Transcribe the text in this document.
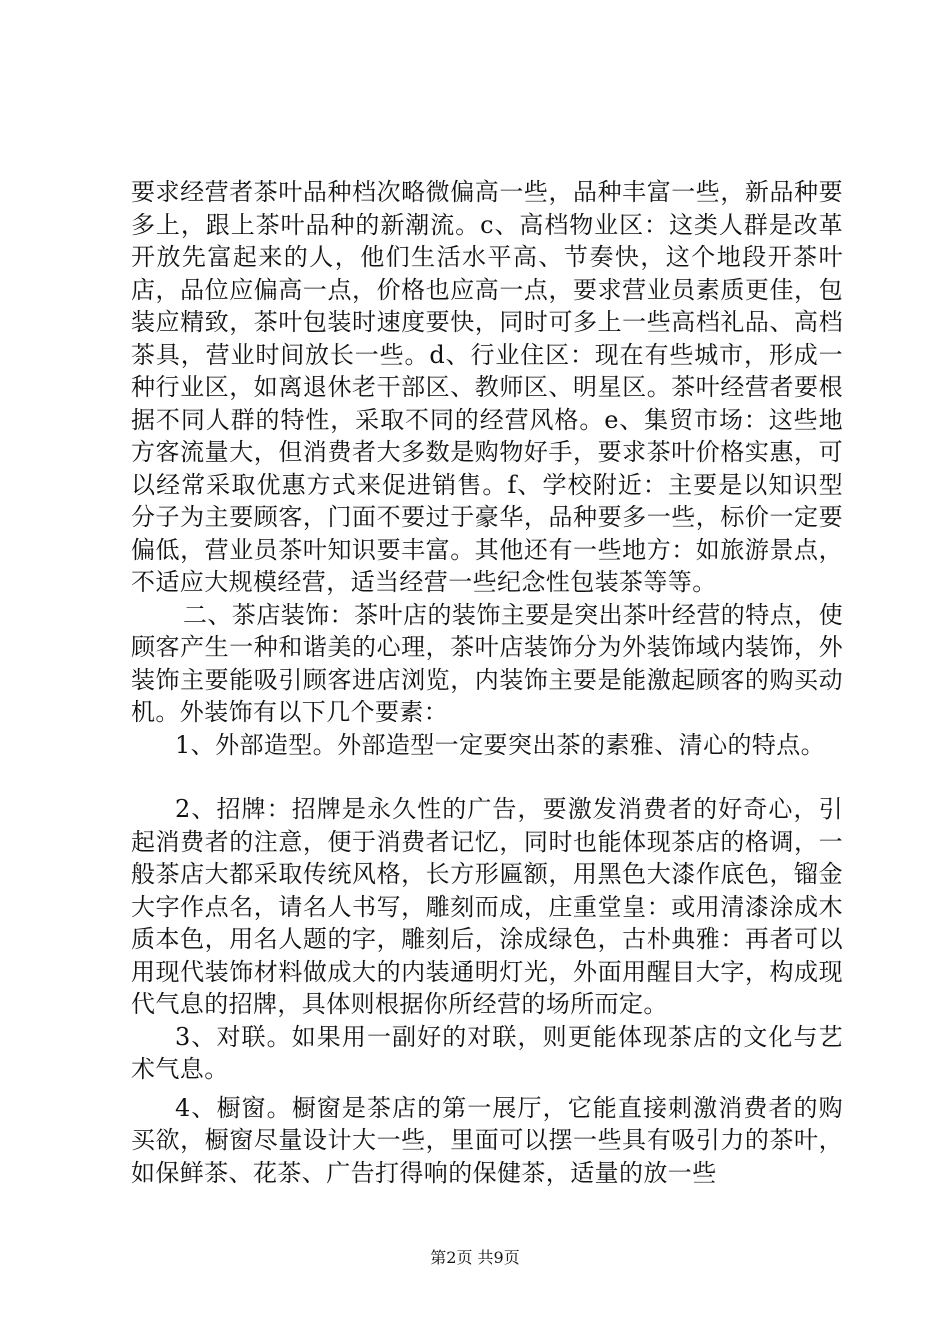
要求经营者茶叶品种档次略微偏高一些，品种丰富一些，新品种要多上，跟上茶叶品种的新潮流。c、高档物业区：这类人群是改革开放先富起来的人，他们生活水平高、节奏快，这个地段开茶叶店，品位应偏高一点，价格也应高一点，要求营业员素质更佳，包装应精致，茶叶包装时速度要快，同时可多上一些高档礼品、高档茶具，营业时间放长一些。d、行业住区：现在有些城市，形成一种行业区，如离退休老干部区、教师区、明星区。茶叶经营者要根据不同人群的特性，采取不同的经营风格。e、集贸市场：这些地方客流量大，但消费者大多数是购物好手，要求茶叶价格实惠，可以经常采取优惠方式来促进销售。f、学校附近：主要是以知识型分子为主要顾客，门面不要过于豪华，品种要多一些，标价一定要偏低，营业员茶叶知识要丰富。其他还有一些地方：如旅游景点，不适应大规模经营，适当经营一些纪念性包装茶等等。

二、茶店装饰：茶叶店的装饰主要是突出茶叶经营的特点，使顾客产生一种和谐美的心理，茶叶店装饰分为外装饰域内装饰，外装饰主要能吸引顾客进店浏览，内装饰主要是能激起顾客的购买动机。外装饰有以下几个要素：

1、外部造型。外部造型一定要突出茶的素雅、清心的特点。

2、招牌：招牌是永久性的广告，要激发消费者的好奇心，引起消费者的注意，便于消费者记忆，同时也能体现茶店的格调，一般茶店大都采取传统风格，长方形匾额，用黑色大漆作底色，镏金大字作点名，请名人书写，雕刻而成，庄重堂皇：或用清漆涂成木质本色，用名人题的字，雕刻后，涂成绿色，古朴典雅：再者可以用现代装饰材料做成大的内装通明灯光，外面用醒目大字，构成现代气息的招牌，具体则根据你所经营的场所而定。

3、对联。如果用一副好的对联，则更能体现茶店的文化与艺术气息。

4、橱窗。橱窗是茶店的第一展厅，它能直接刺激消费者的购买欲，橱窗尽量设计大一些，里面可以摆一些具有吸引力的茶叶，如保鲜茶、花茶、广告打得响的保健茶，适量的放一些

第2页 共9页
